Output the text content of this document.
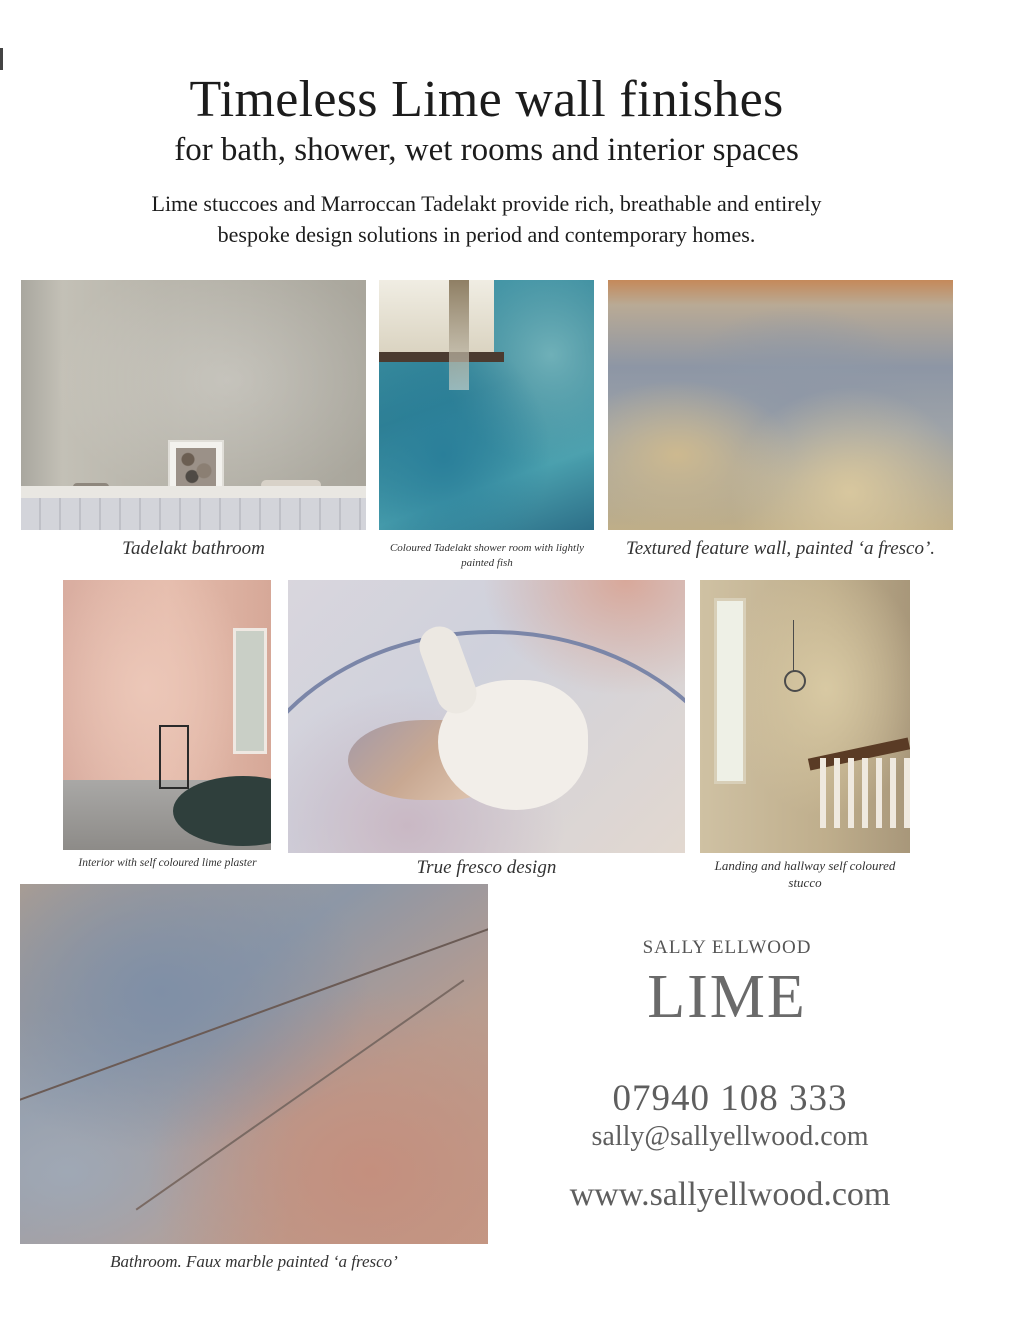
Timeless Lime wall finishes
for bath, shower, wet rooms and interior spaces
Lime stuccoes and Marroccan Tadelakt provide rich, breathable and entirely
bespoke design solutions in period and contemporary homes.
Tadelakt bathroom	Coloured Tadelakt shower room with lightly
painted fish
Textured feature wall, painted ‘a fresco’.
Interior with self coloured lime plaster	True fresco design	Landing and hallway self coloured
stucco
Bathroom. Faux marble painted ‘a fresco’
SALLY ELLWOOD
LIME
07940 108 333
sally@sallyellwood.com
www.sallyellwood.com
